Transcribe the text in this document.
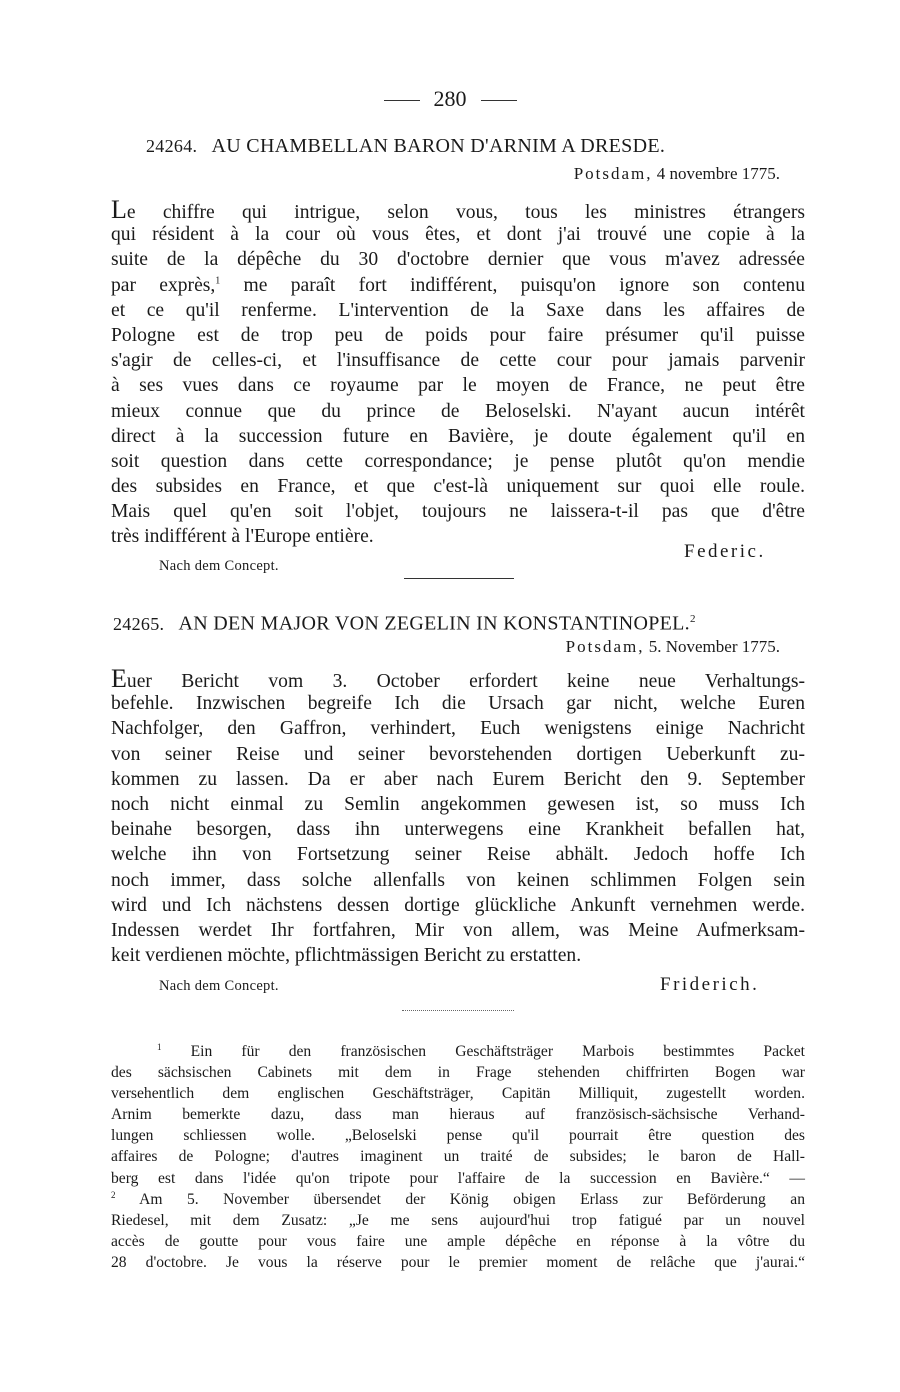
280
24264. AU CHAMBELLAN BARON D'ARNIM A DRESDE.
Potsdam, 4 novembre 1775.
Le chiffre qui intrigue, selon vous, tous les ministres étrangers
qui résident à la cour où vous êtes, et dont j'ai trouvé une copie à la
suite de la dépêche du 30 d'octobre dernier que vous m'avez adressée
par exprès,$^1$ me paraît fort indifférent, puisqu'on ignore son contenu
et ce qu'il renferme. L'intervention de la Saxe dans les affaires de
Pologne est de trop peu de poids pour faire présumer qu'il puisse
s'agir de celles-ci, et l'insuffisance de cette cour pour jamais parvenir
à ses vues dans ce royaume par le moyen de France, ne peut être
mieux connue que du prince de Beloselski. N'ayant aucun intérêt
direct à la succession future en Bavière, je doute également qu'il en
soit question dans cette correspondance; je pense plutôt qu'on mendie
des subsides en France, et que c'est-là uniquement sur quoi elle roule.
Mais quel qu'en soit l'objet, toujours ne laissera-t-il pas que d'être
très indifférent à l'Europe entière.
Nach dem Concept.
Federic.
24265. AN DEN MAJOR VON ZEGELIN IN KONSTANTINOPEL.$^2$
Potsdam, 5. November 1775.
Euer Bericht vom 3. October erfordert keine neue Verhaltungs-
befehle. Inzwischen begreife Ich die Ursach gar nicht, welche Euren
Nachfolger, den Gaffron, verhindert, Euch wenigstens einige Nachricht
von seiner Reise und seiner bevorstehenden dortigen Ueberkunft zu-
kommen zu lassen. Da er aber nach Eurem Bericht den 9. September
noch nicht einmal zu Semlin angekommen gewesen ist, so muss Ich
beinahe besorgen, dass ihn unterwegens eine Krankheit befallen hat,
welche ihn von Fortsetzung seiner Reise abhält. Jedoch hoffe Ich
noch immer, dass solche allenfalls von keinen schlimmen Folgen sein
wird und Ich nächstens dessen dortige glückliche Ankunft vernehmen werde.
Indessen werdet Ihr fortfahren, Mir von allem, was Meine Aufmerksam-
keit verdienen möchte, pflichtmässigen Bericht zu erstatten.
Nach dem Concept.	Friderich.
$^1$ Ein für den französischen Geschäftsträger Marbois bestimmtes Packet
des sächsischen Cabinets mit dem in Frage stehenden chiffrirten Bogen war
versehentlich dem englischen Geschäftsträger, Capitän Milliquit, zugestellt worden.
Arnim bemerkte dazu, dass man hieraus auf französisch-sächsische Verhand-
lungen schliessen wolle. „Beloselski pense qu'il pourrait être question des
affaires de Pologne; d'autres imaginent un traité de subsides; le baron de Hall-
berg est dans l'idée qu'on tripote pour l'affaire de la succession en Bavière.“ —
$^2$ Am 5. November übersendet der König obigen Erlass zur Beförderung an
Riedesel, mit dem Zusatz: „Je me sens aujourd'hui trop fatigué par un nouvel
accès de goutte pour vous faire une ample dépêche en réponse à la vôtre du
28 d'octobre. Je vous la réserve pour le premier moment de relâche que j'aurai.“
